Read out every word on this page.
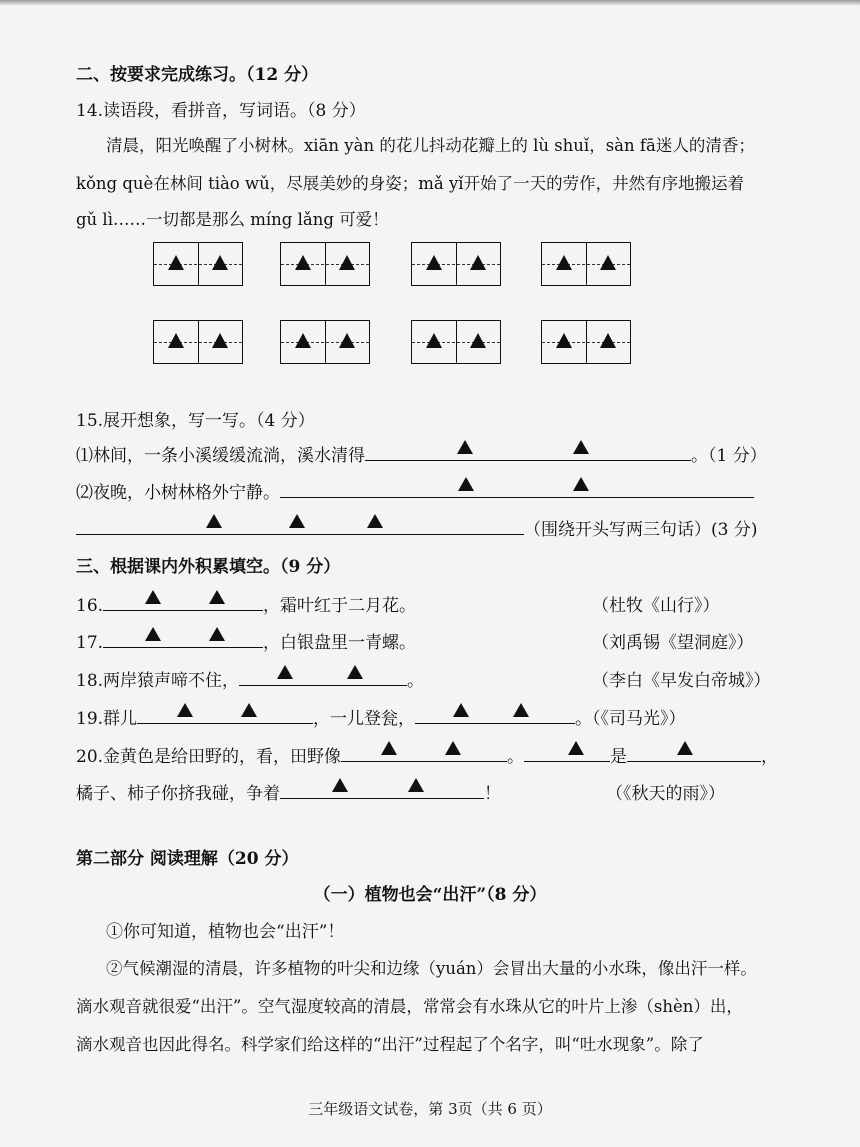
二、按要求完成练习。（12 分）
14.读语段，看拼音，写词语。（8 分）
清晨，阳光唤醒了小树林。xiān yàn 的花儿抖动花瓣上的 lù shuǐ，sàn fā迷人的清香；
kǒng què在林间 tiào wǔ，尽展美妙的身姿；mǎ yǐ开始了一天的劳作，井然有序地搬运着
gǔ lì……一切都是那么 míng lǎng 可爱！
15.展开想象，写一写。（4 分）
⑴林间，一条小溪缓缓流淌，溪水清得	。（1 分）
⑵夜晚，小树林格外宁静。
（围绕开头写两三句话）(3 分)
三、根据课内外积累填空。（9 分）
16.	，霜叶红于二月花。	（杜牧《山行》）
17.	，白银盘里一青螺。	（刘禹锡《望洞庭》）
18.两岸猿声啼不住，	。	（李白《早发白帝城》）
19.群儿	，一儿登瓮，	。（《司马光》）
20.金黄色是给田野的，看，田野像	。	是	，
橘子、柿子你挤我碰，争着	！	（《秋天的雨》）
第二部分 阅读理解（20 分）
（一）植物也会“出汗”（8 分）
①你可知道，植物也会“出汗”！
②气候潮湿的清晨，许多植物的叶尖和边缘（yuán）会冒出大量的小水珠，像出汗一样。
滴水观音就很爱“出汗”。空气湿度较高的清晨，常常会有水珠从它的叶片上渗（shèn）出，
滴水观音也因此得名。科学家们给这样的“出汗”过程起了个名字，叫“吐水现象”。除了
三年级语文试卷，第 3页（共 6 页）
